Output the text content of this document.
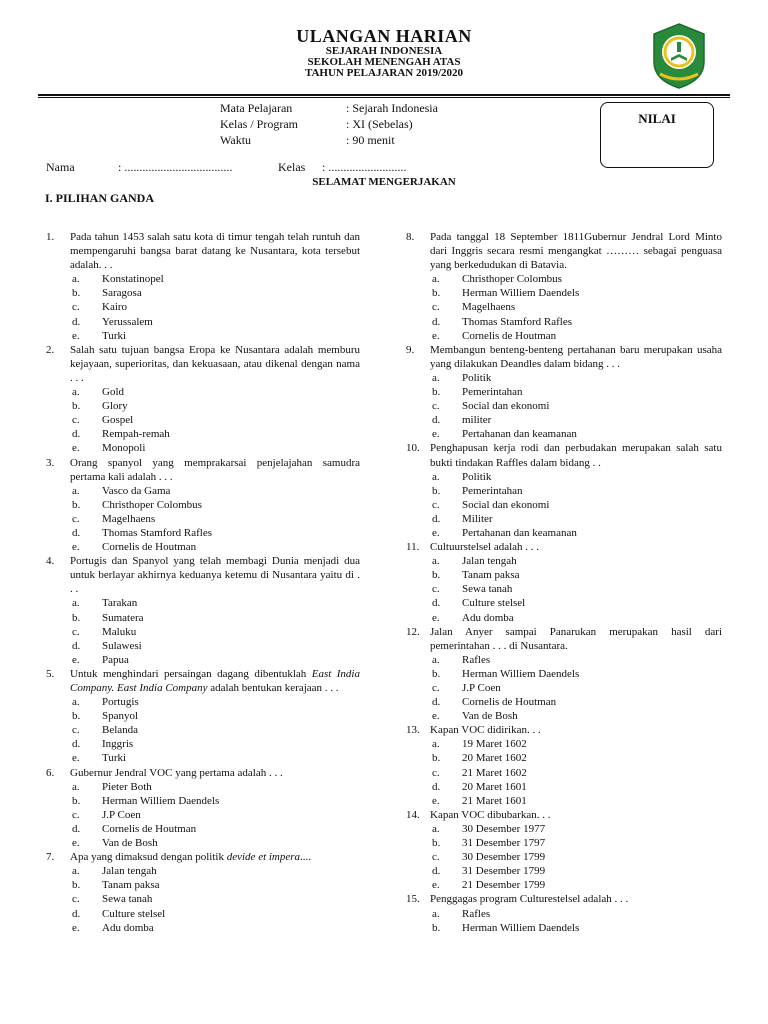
ULANGAN HARIAN
SEJARAH INDONESIA
SEKOLAH MENENGAH ATAS
TAHUN PELAJARAN 2019/2020
Mata Pelajaran	: Sejarah Indonesia
Kelas / Program	: XI (Sebelas)
Waktu	: 90 menit
NILAI
Nama	: ....................................	Kelas : ..........................
SELAMAT MENGERJAKAN
I. PILIHAN GANDA
1.	Pada tahun 1453 salah satu kota di timur tengah telah runtuh dan mempengaruhi bangsa barat datang ke Nusantara, kota tersebut adalah. . .
a.	Konstatinopel
b.	Saragosa
c.	Kairo
d.	Yerussalem
e.	Turki
2.	Salah satu tujuan bangsa Eropa ke Nusantara adalah memburu kejayaan, superioritas, dan kekuasaan, atau dikenal dengan nama . . .
a.	Gold
b.	Glory
c.	Gospel
d.	Rempah-remah
e.	Monopoli
3.	Orang spanyol yang memprakarsai penjelajahan samudra pertama kali adalah . . .
a.	Vasco da Gama
b.	Christhoper Colombus
c.	Magelhaens
d.	Thomas Stamford Rafles
e.	Cornelis de Houtman
4.	Portugis dan Spanyol yang telah membagi Dunia menjadi dua untuk berlayar akhirnya keduanya ketemu di Nusantara yaitu di . . .
a.	Tarakan
b.	Sumatera
c.	Maluku
d.	Sulawesi
e.	Papua
5.	Untuk menghindari persaingan dagang dibentuklah East India Company. East India Company adalah bentukan kerajaan . . .
a.	Portugis
b.	Spanyol
c.	Belanda
d.	Inggris
e.	Turki
6.	Gubernur Jendral VOC yang pertama adalah . . .
a.	Pieter Both
b.	Herman Williem Daendels
c.	J.P Coen
d.	Cornelis de Houtman
e.	Van de Bosh
7.	Apa yang dimaksud dengan politik devide et impera....
a.	Jalan tengah
b.	Tanam paksa
c.	Sewa tanah
d.	Culture stelsel
e.	Adu domba
8.	Pada tanggal 18 September 1811Gubernur Jendral Lord Minto dari Inggris secara resmi mengangkat ……… sebagai penguasa yang berkedudukan di Batavia.
a.	Christhoper Colombus
b.	Herman Williem Daendels
c.	Magelhaens
d.	Thomas Stamford Rafles
e.	Cornelis de Houtman
9.	Membangun benteng-benteng pertahanan baru merupakan usaha yang dilakukan Deandles dalam bidang . . .
a.	Politik
b.	Pemerintahan
c.	Social dan ekonomi
d.	militer
e.	Pertahanan dan keamanan
10. Penghapusan kerja rodi dan perbudakan merupakan salah satu bukti tindakan Raffles dalam bidang . .
a.	Politik
b.	Pemerintahan
c.	Social dan ekonomi
d.	Militer
e.	Pertahanan dan keamanan
11. Cultuurstelsel adalah . . .
a.	Jalan tengah
b.	Tanam paksa
c.	Sewa tanah
d.	Culture stelsel
e.	Adu domba
12. Jalan Anyer sampai Panarukan merupakan hasil dari pemerintahan . . . di Nusantara.
a.	Rafles
b.	Herman Williem Daendels
c.	J.P Coen
d.	Cornelis de Houtman
e.	Van de Bosh
13. Kapan VOC didirikan. . .
a.	19 Maret 1602
b.	20 Maret 1602
c.	21 Maret 1602
d.	20 Maret 1601
e.	21 Maret 1601
14. Kapan VOC dibubarkan. . .
a.	30 Desember 1977
b.	31 Desember 1797
c.	30 Desember 1799
d.	31 Desember 1799
e.	21 Desember 1799
15. Penggagas program Culturestelsel adalah . . .
a.	Rafles
b.	Herman Williem Daendels
